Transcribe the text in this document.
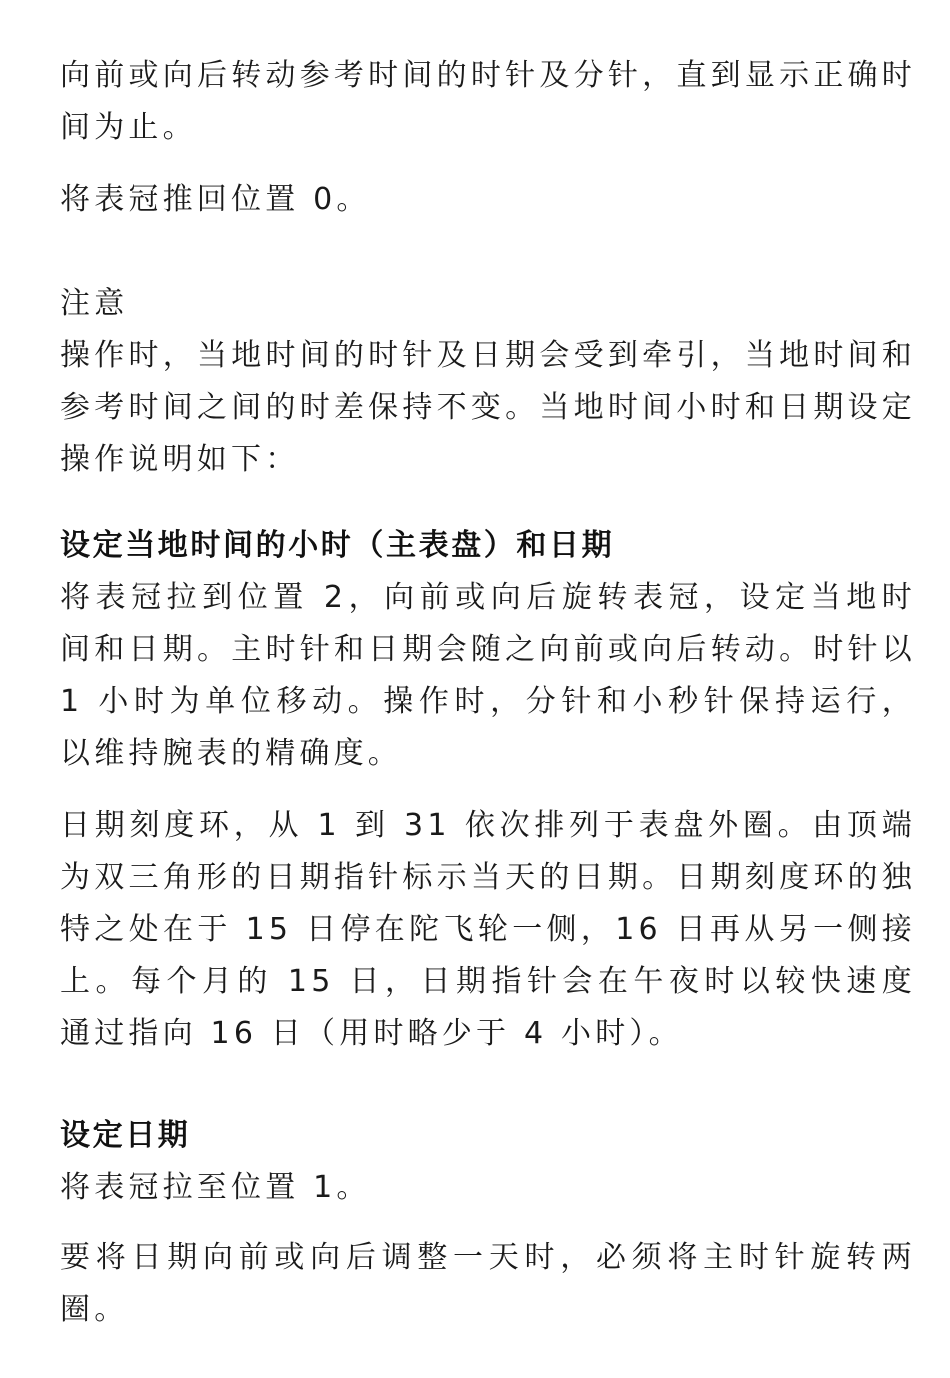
向前或向后转动参考时间的时针及分针，直到显示正确时间为止。

将表冠推回位置 0。

注意

操作时，当地时间的时针及日期会受到牵引，当地时间和参考时间之间的时差保持不变。当地时间小时和日期设定操作说明如下：

设定当地时间的小时（主表盘）和日期

将表冠拉到位置 2，向前或向后旋转表冠，设定当地时间和日期。主时针和日期会随之向前或向后转动。时针以 1 小时为单位移动。操作时，分针和小秒针保持运行，以维持腕表的精确度。

日期刻度环，从 1 到 31 依次排列于表盘外圈。由顶端为双三角形的日期指针标示当天的日期。日期刻度环的独特之处在于 15 日停在陀飞轮一侧，16 日再从另一侧接上。每个月的 15 日，日期指针会在午夜时以较快速度通过指向 16 日（用时略少于 4 小时）。

设定日期

将表冠拉至位置 1。

要将日期向前或向后调整一天时，必须将主时针旋转两圈。
